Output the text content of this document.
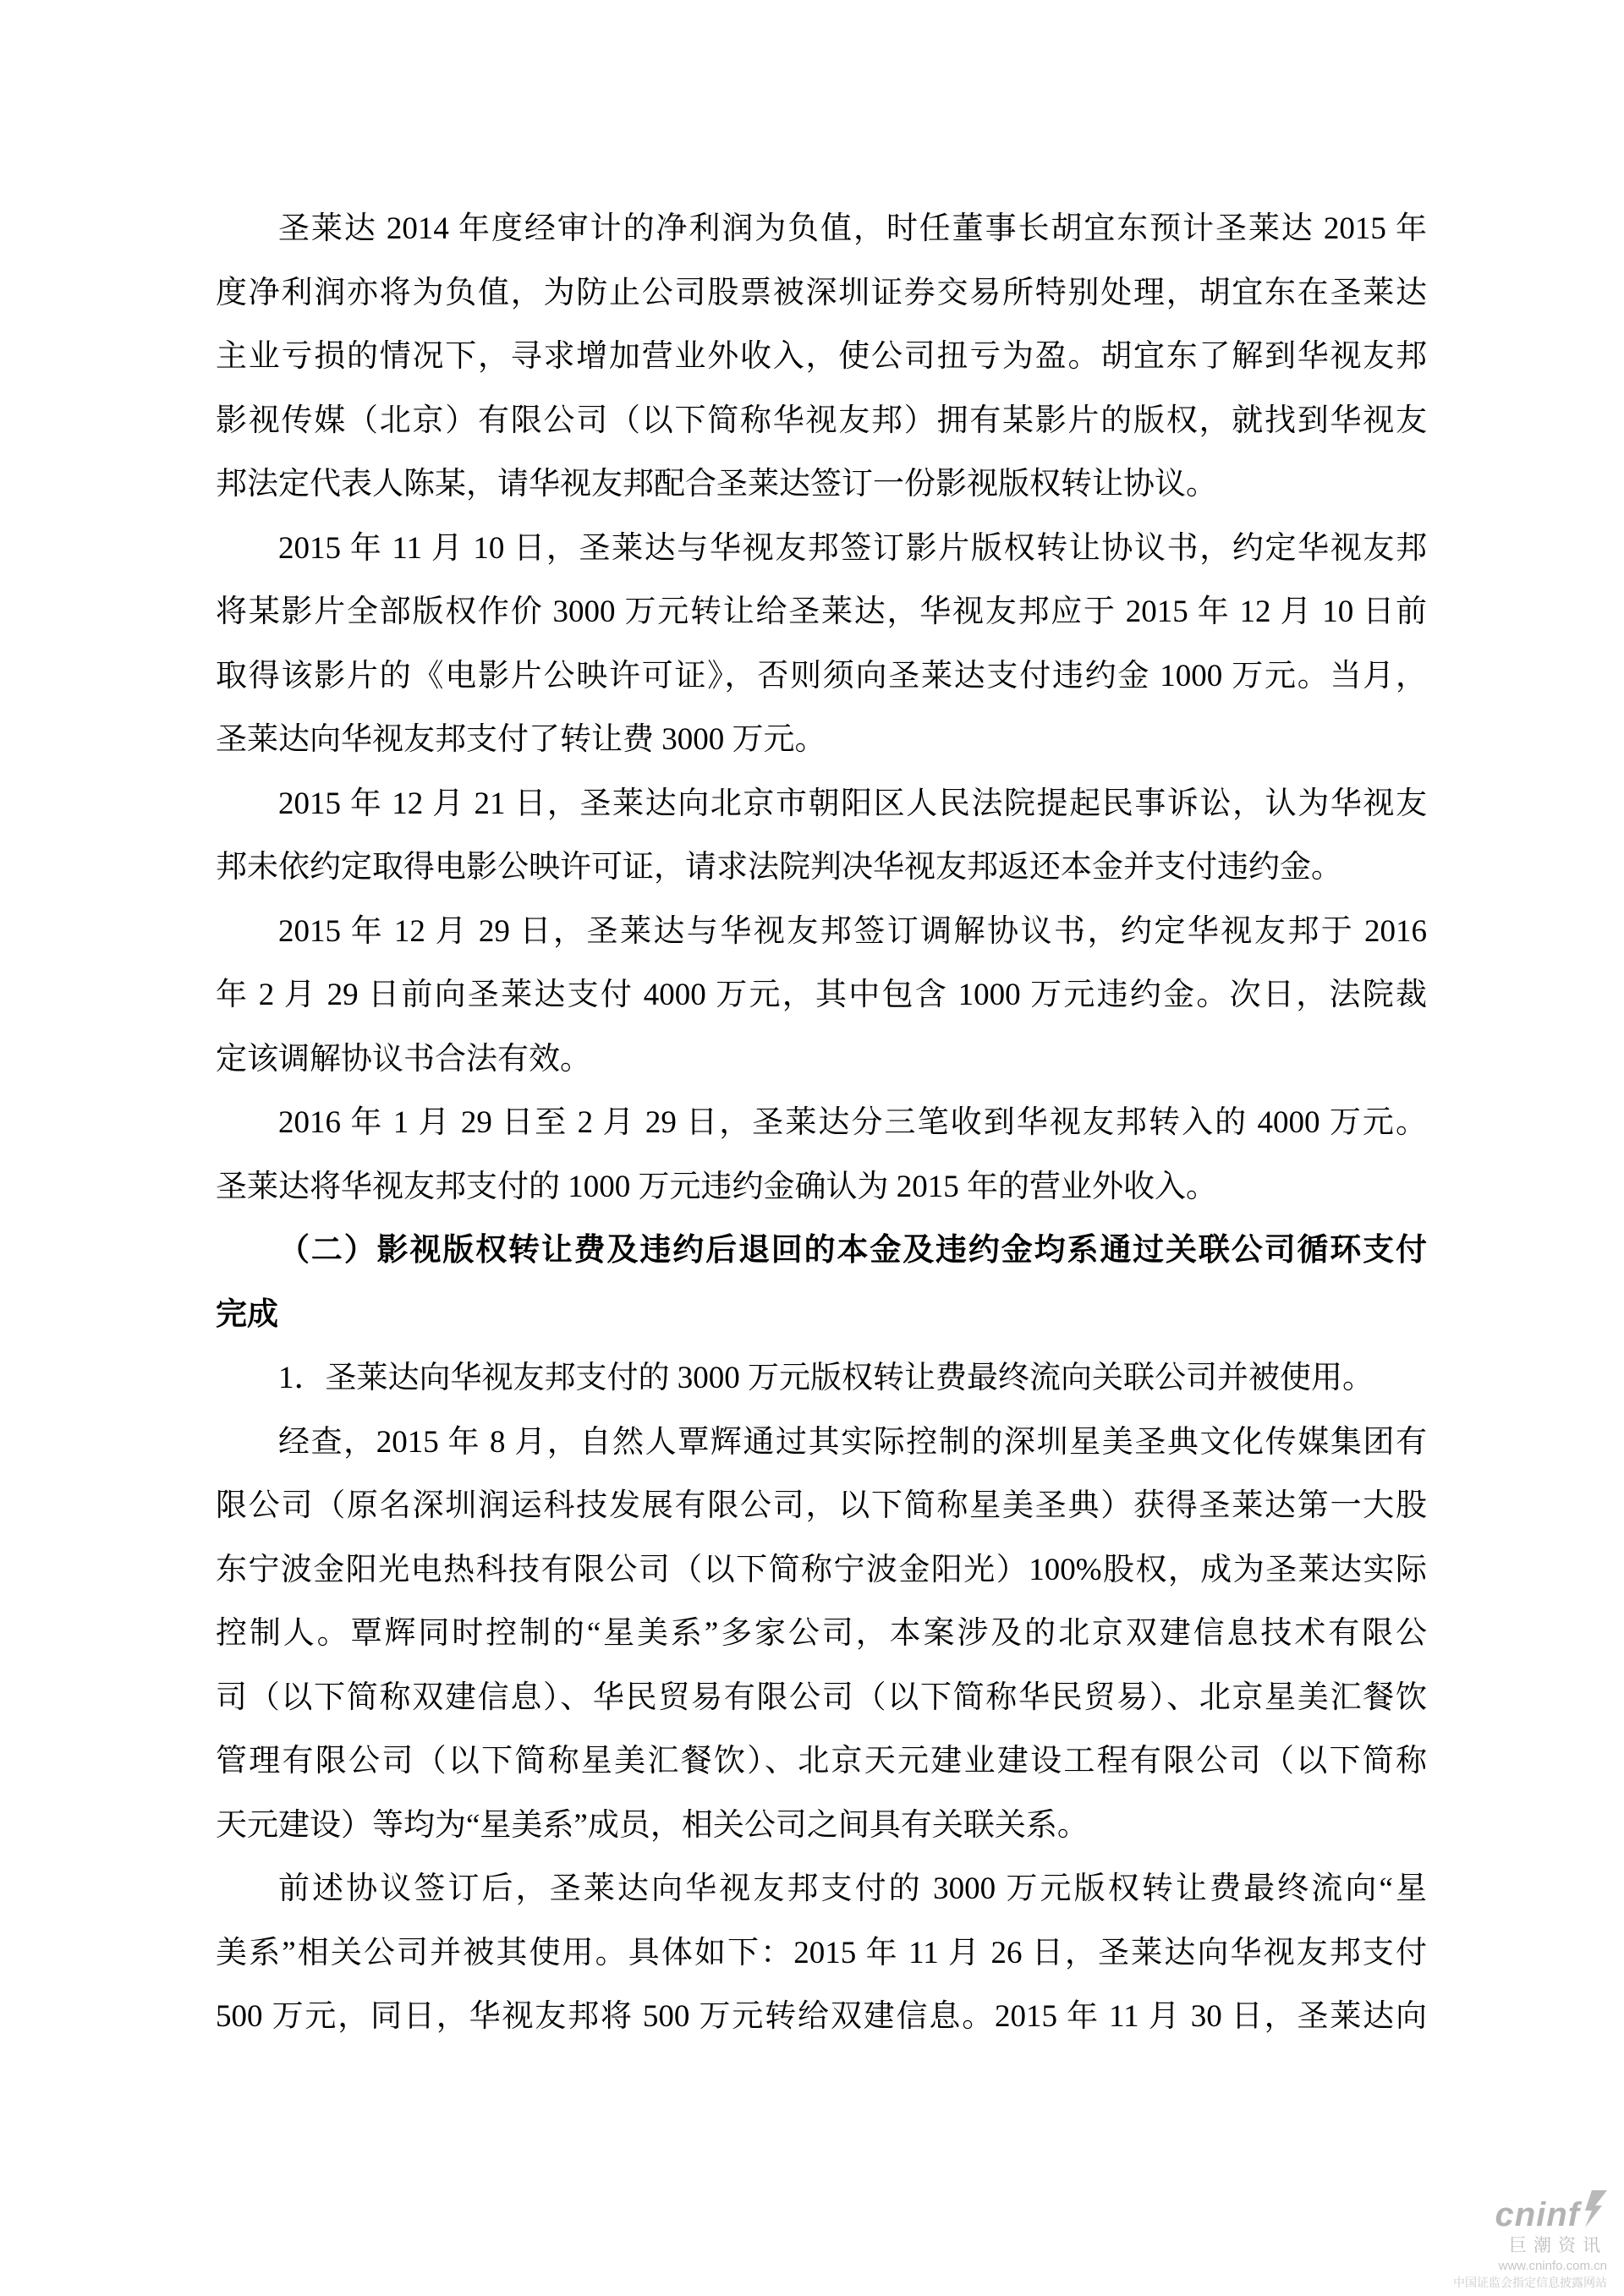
圣莱达 2014 年度经审计的净利润为负值，时任董事长胡宜东预计圣莱达 2015 年
度净利润亦将为负值，为防止公司股票被深圳证券交易所特别处理，胡宜东在圣莱达
主业亏损的情况下，寻求增加营业外收入，使公司扭亏为盈。胡宜东了解到华视友邦
影视传媒（北京）有限公司（以下简称华视友邦）拥有某影片的版权，就找到华视友
邦法定代表人陈某，请华视友邦配合圣莱达签订一份影视版权转让协议。
2015 年 11 月 10 日，圣莱达与华视友邦签订影片版权转让协议书，约定华视友邦
将某影片全部版权作价 3000 万元转让给圣莱达，华视友邦应于 2015 年 12 月 10 日前
取得该影片的《电影片公映许可证》，否则须向圣莱达支付违约金 1000 万元。当月，
圣莱达向华视友邦支付了转让费 3000 万元。
2015 年 12 月 21 日，圣莱达向北京市朝阳区人民法院提起民事诉讼，认为华视友
邦未依约定取得电影公映许可证，请求法院判决华视友邦返还本金并支付违约金。
2015 年 12 月 29 日，圣莱达与华视友邦签订调解协议书，约定华视友邦于 2016
年 2 月 29 日前向圣莱达支付 4000 万元，其中包含 1000 万元违约金。次日，法院裁
定该调解协议书合法有效。
2016 年 1 月 29 日至 2 月 29 日，圣莱达分三笔收到华视友邦转入的 4000 万元。
圣莱达将华视友邦支付的 1000 万元违约金确认为 2015 年的营业外收入。
（二）影视版权转让费及违约后退回的本金及违约金均系通过关联公司循环支付
完成
1．圣莱达向华视友邦支付的 3000 万元版权转让费最终流向关联公司并被使用。
经查，2015 年 8 月，自然人覃辉通过其实际控制的深圳星美圣典文化传媒集团有
限公司（原名深圳润运科技发展有限公司，以下简称星美圣典）获得圣莱达第一大股
东宁波金阳光电热科技有限公司（以下简称宁波金阳光）100%股权，成为圣莱达实际
控制人。覃辉同时控制的“星美系”多家公司，本案涉及的北京双建信息技术有限公
司（以下简称双建信息）、华民贸易有限公司（以下简称华民贸易）、北京星美汇餐饮
管理有限公司（以下简称星美汇餐饮）、北京天元建业建设工程有限公司（以下简称
天元建设）等均为“星美系”成员，相关公司之间具有关联关系。
前述协议签订后，圣莱达向华视友邦支付的 3000 万元版权转让费最终流向“星
美系”相关公司并被其使用。具体如下：2015 年 11 月 26 日，圣莱达向华视友邦支付
500 万元，同日，华视友邦将 500 万元转给双建信息。2015 年 11 月 30 日，圣莱达向
cninf
巨潮资讯
www.cninfo.com.cn
中国证监会指定信息披露网站
